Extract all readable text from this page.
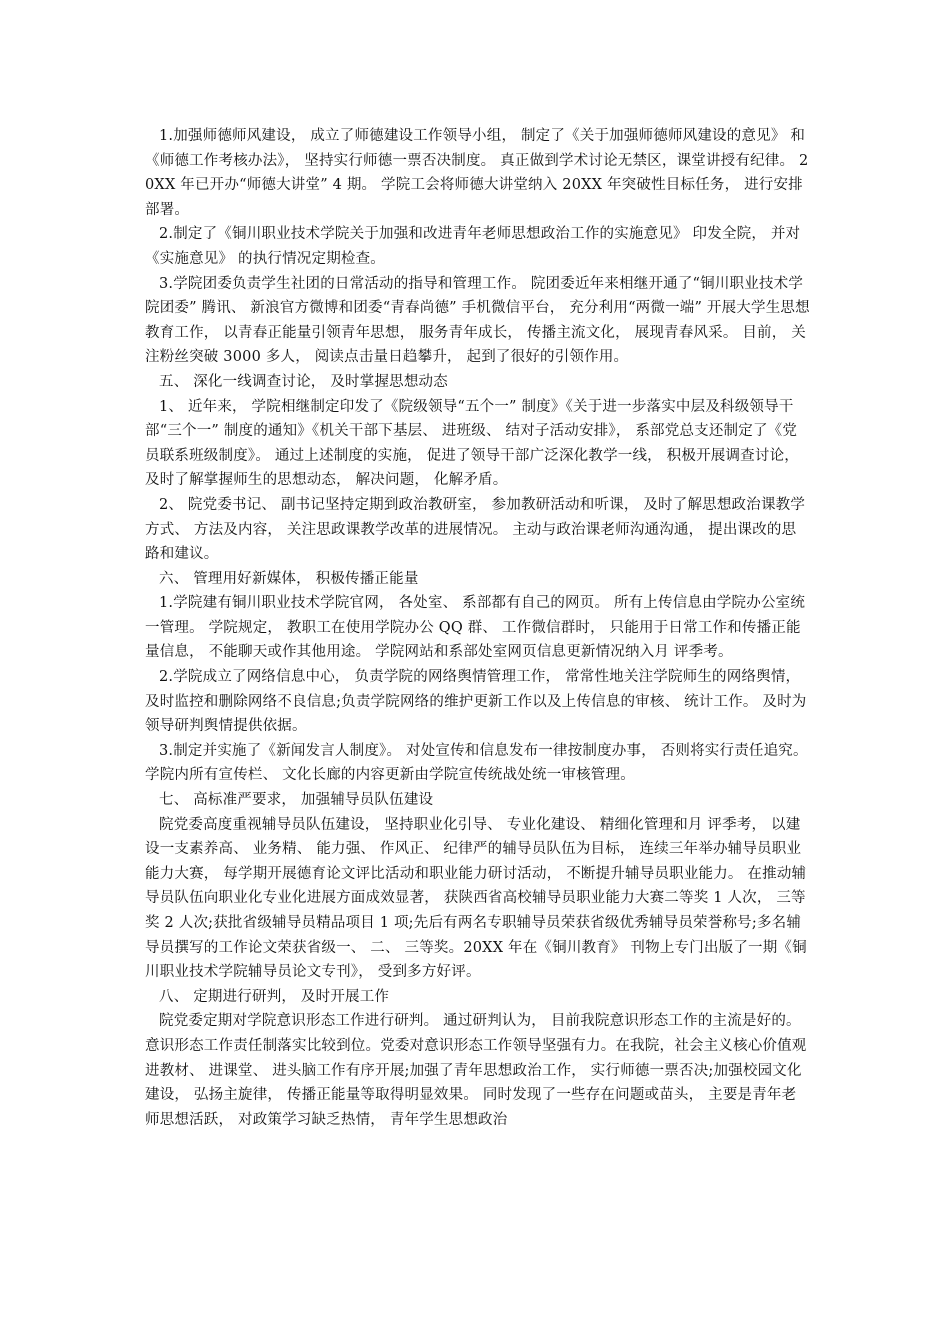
1.加强师德师风建设， 成立了师德建设工作领导小组， 制定了《关于加强师德师风建设的意见》 和《师德工作考核办法》， 坚持实行师德一票否决制度。 真正做到学术讨论无禁区，课堂讲授有纪律。 20XX 年已开办“师德大讲堂” 4 期。 学院工会将师德大讲堂纳入 20XX 年突破性目标任务， 进行安排部署。

2.制定了《铜川职业技术学院关于加强和改进青年老师思想政治工作的实施意见》 印发全院， 并对《实施意见》 的执行情况定期检查。

3.学院团委负责学生社团的日常活动的指导和管理工作。 院团委近年来相继开通了“铜川职业技术学院团委” 腾讯、 新浪官方微博和团委“青春尚德” 手机微信平台， 充分利用“两微一端” 开展大学生思想教育工作， 以青春正能量引领青年思想， 服务青年成长， 传播主流文化， 展现青春风采。 目前， 关注粉丝突破 3000 多人， 阅读点击量日趋攀升， 起到了很好的引领作用。

五、 深化一线调查讨论， 及时掌握思想动态

1、 近年来， 学院相继制定印发了《院级领导“五个一” 制度》《关于进一步落实中层及科级领导干部“三个一” 制度的通知》《机关干部下基层、 进班级、 结对子活动安排》， 系部党总支还制定了《党员联系班级制度》。 通过上述制度的实施， 促进了领导干部广泛深化教学一线， 积极开展调查讨论， 及时了解掌握师生的思想动态， 解决问题， 化解矛盾。

2、 院党委书记、 副书记坚持定期到政治教研室， 参加教研活动和听课， 及时了解思想政治课教学方式、 方法及内容， 关注思政课教学改革的进展情况。 主动与政治课老师沟通沟通， 提出课改的思路和建议。

六、 管理用好新媒体， 积极传播正能量

1.学院建有铜川职业技术学院官网， 各处室、 系部都有自己的网页。 所有上传信息由学院办公室统一管理。 学院规定， 教职工在使用学院办公 QQ 群、 工作微信群时， 只能用于日常工作和传播正能量信息， 不能聊天或作其他用途。 学院网站和系部处室网页信息更新情况纳入月 评季考。

2.学院成立了网络信息中心， 负责学院的网络舆情管理工作， 常常性地关注学院师生的网络舆情， 及时监控和删除网络不良信息;负责学院网络的维护更新工作以及上传信息的审核、 统计工作。 及时为领导研判舆情提供依据。

3.制定并实施了《新闻发言人制度》。 对处宣传和信息发布一律按制度办事， 否则将实行责任追究。 学院内所有宣传栏、 文化长廊的内容更新由学院宣传统战处统一审核管理。

七、 高标准严要求， 加强辅导员队伍建设

院党委高度重视辅导员队伍建设， 坚持职业化引导、 专业化建设、 精细化管理和月 评季考， 以建设一支素养高、 业务精、 能力强、 作风正、 纪律严的辅导员队伍为目标， 连续三年举办辅导员职业能力大赛， 每学期开展德育论文评比活动和职业能力研讨活动， 不断提升辅导员职业能力。 在推动辅导员队伍向职业化专业化进展方面成效显著， 获陕西省高校辅导员职业能力大赛二等奖 1 人次， 三等奖 2 人次;获批省级辅导员精品项目 1 项;先后有两名专职辅导员荣获省级优秀辅导员荣誉称号;多名辅导员撰写的工作论文荣获省级一、 二、 三等奖。20XX 年在《铜川教育》 刊物上专门出版了一期《铜川职业技术学院辅导员论文专刊》， 受到多方好评。

八、 定期进行研判， 及时开展工作

院党委定期对学院意识形态工作进行研判。 通过研判认为， 目前我院意识形态工作的主流是好的。意识形态工作责任制落实比较到位。党委对意识形态工作领导坚强有力。在我院，社会主义核心价值观进教材、 进课堂、 进头脑工作有序开展;加强了青年思想政治工作， 实行师德一票否决;加强校园文化建设， 弘扬主旋律， 传播正能量等取得明显效果。 同时发现了一些存在问题或苗头， 主要是青年老师思想活跃， 对政策学习缺乏热情， 青年学生思想政治
